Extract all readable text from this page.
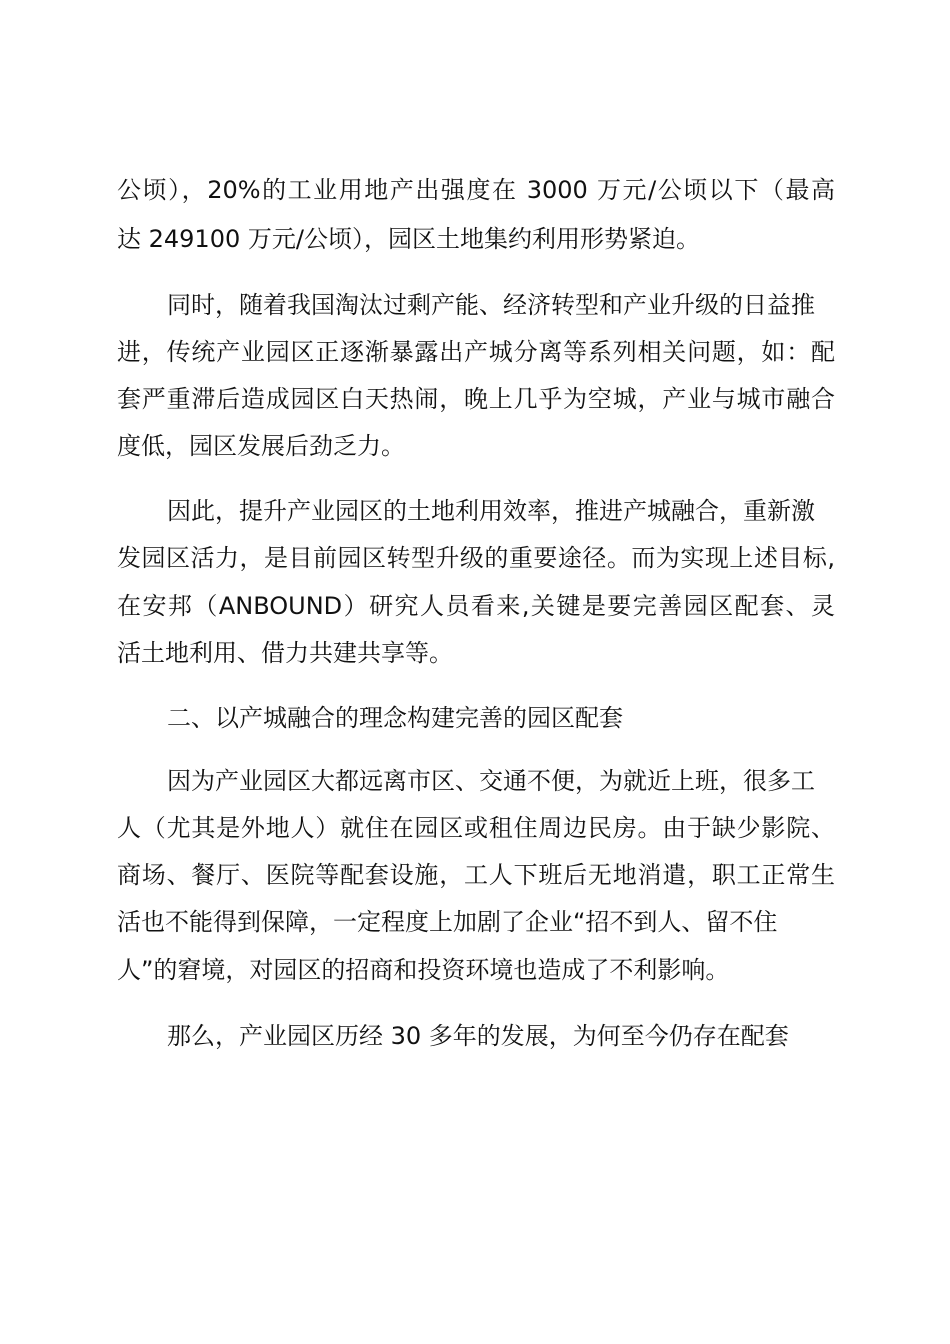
公顷），20%的工业用地产出强度在 3000 万元/公顷以下（最高

达 249100 万元/公顷），园区土地集约利用形势紧迫。

同时，随着我国淘汰过剩产能、经济转型和产业升级的日益推

进，传统产业园区正逐渐暴露出产城分离等系列相关问题，如：配

套严重滞后造成园区白天热闹，晚上几乎为空城，产业与城市融合

度低，园区发展后劲乏力。

因此，提升产业园区的土地利用效率，推进产城融合，重新激

发园区活力，是目前园区转型升级的重要途径。而为实现上述目标,

在安邦（ANBOUND）研究人员看来,关键是要完善园区配套、灵

活土地利用、借力共建共享等。

二、以产城融合的理念构建完善的园区配套

因为产业园区大都远离市区、交通不便，为就近上班，很多工

人（尤其是外地人）就住在园区或租住周边民房。由于缺少影院、

商场、餐厅、医院等配套设施，工人下班后无地消遣，职工正常生

活也不能得到保障，一定程度上加剧了企业“招不到人、留不住

人”的窘境，对园区的招商和投资环境也造成了不利影响。

那么，产业园区历经 30 多年的发展，为何至今仍存在配套
